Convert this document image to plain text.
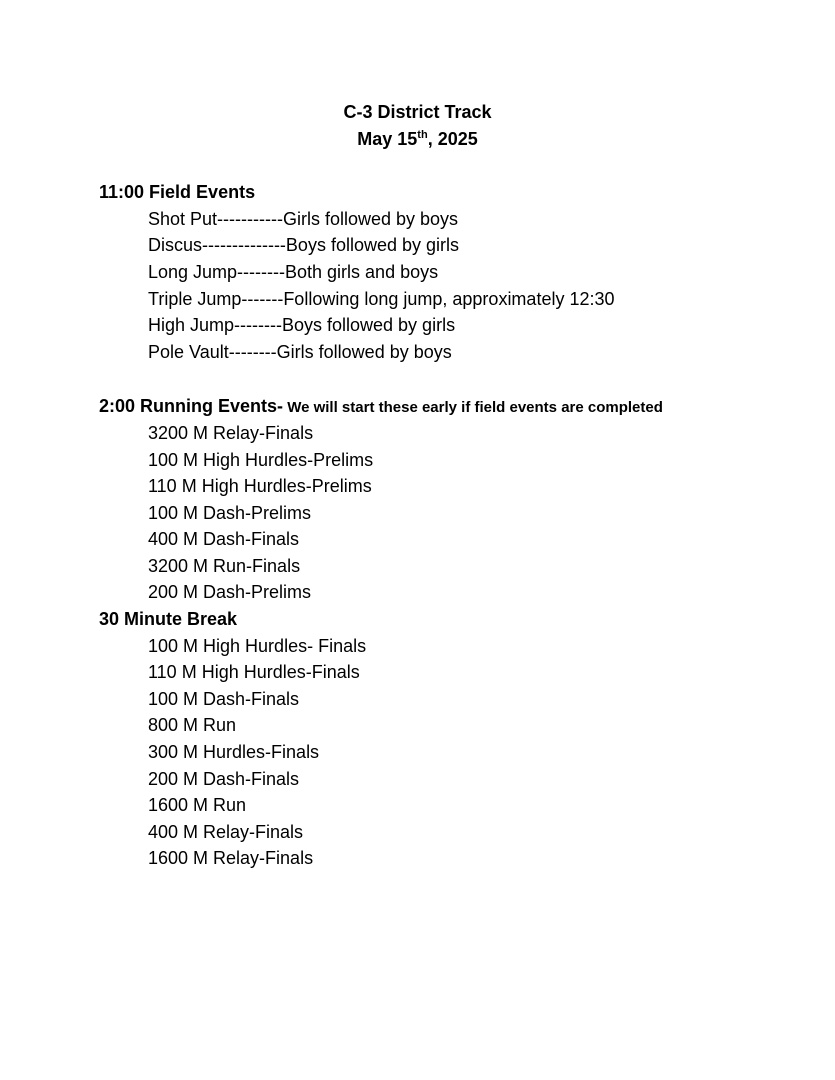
C-3 District Track
May 15th, 2025
11:00 Field Events
Shot Put-----------Girls followed by boys
Discus--------------Boys followed by girls
Long Jump--------Both girls and boys
Triple Jump-------Following long jump, approximately 12:30
High Jump--------Boys followed by girls
Pole Vault--------Girls followed by boys
2:00 Running Events- We will start these early if field events are completed
3200 M Relay-Finals
100 M High Hurdles-Prelims
110 M High Hurdles-Prelims
100 M Dash-Prelims
400 M Dash-Finals
3200 M Run-Finals
200 M Dash-Prelims
30 Minute Break
100 M High Hurdles- Finals
110 M High Hurdles-Finals
100 M Dash-Finals
800 M Run
300 M Hurdles-Finals
200 M Dash-Finals
1600 M Run
400 M Relay-Finals
1600 M Relay-Finals
